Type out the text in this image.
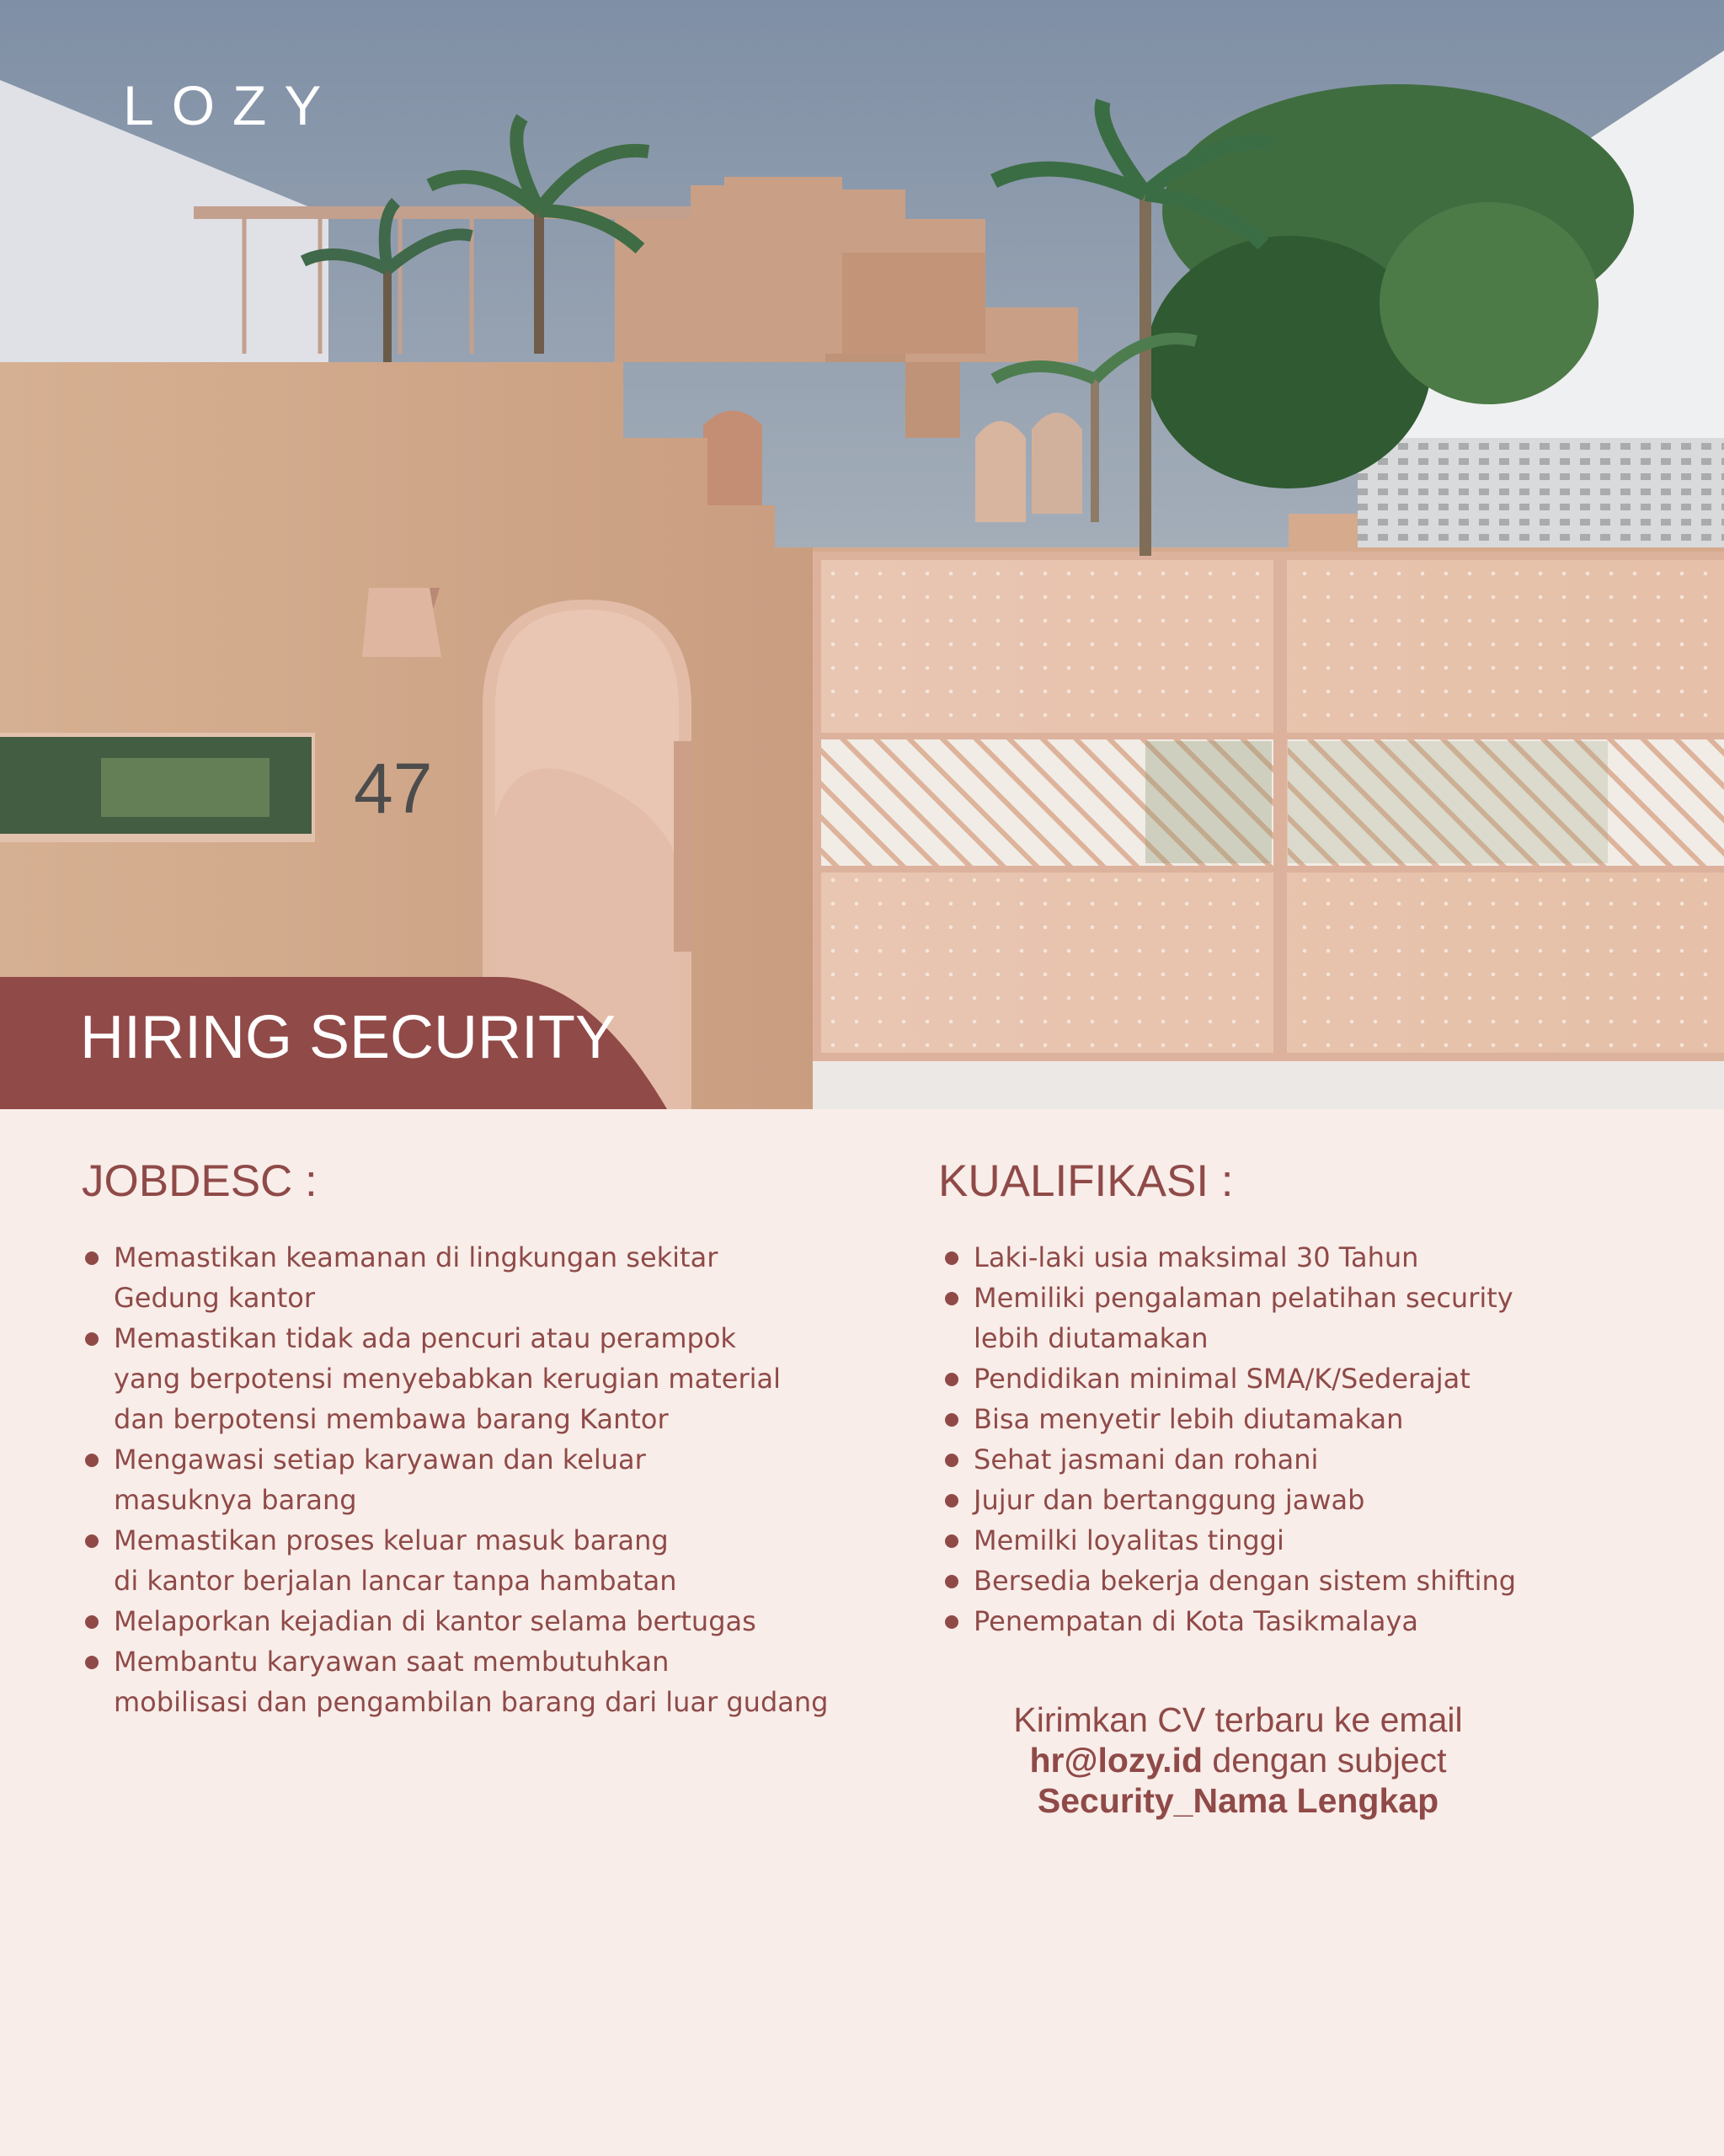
47
LOZY
HIRING SECURITY
JOBDESC :
Memastikan keamanan di lingkungan sekitar
Gedung kantor
Memastikan tidak ada pencuri atau perampok
yang berpotensi menyebabkan kerugian material
dan berpotensi membawa barang Kantor
Mengawasi setiap karyawan dan keluar
masuknya barang
Memastikan proses keluar masuk barang
di kantor berjalan lancar tanpa hambatan
Melaporkan kejadian di kantor selama bertugas
Membantu karyawan saat membutuhkan
mobilisasi dan pengambilan barang dari luar gudang
KUALIFIKASI :
Laki-laki usia maksimal 30 Tahun
Memiliki pengalaman pelatihan security
lebih diutamakan
Pendidikan minimal SMA/K/Sederajat
Bisa menyetir lebih diutamakan
Sehat jasmani dan rohani
Jujur dan bertanggung jawab
Memilki loyalitas tinggi
Bersedia bekerja dengan sistem shifting
Penempatan di Kota Tasikmalaya
Kirimkan CV terbaru ke email
hr@lozy.id dengan subject
Security_Nama Lengkap
